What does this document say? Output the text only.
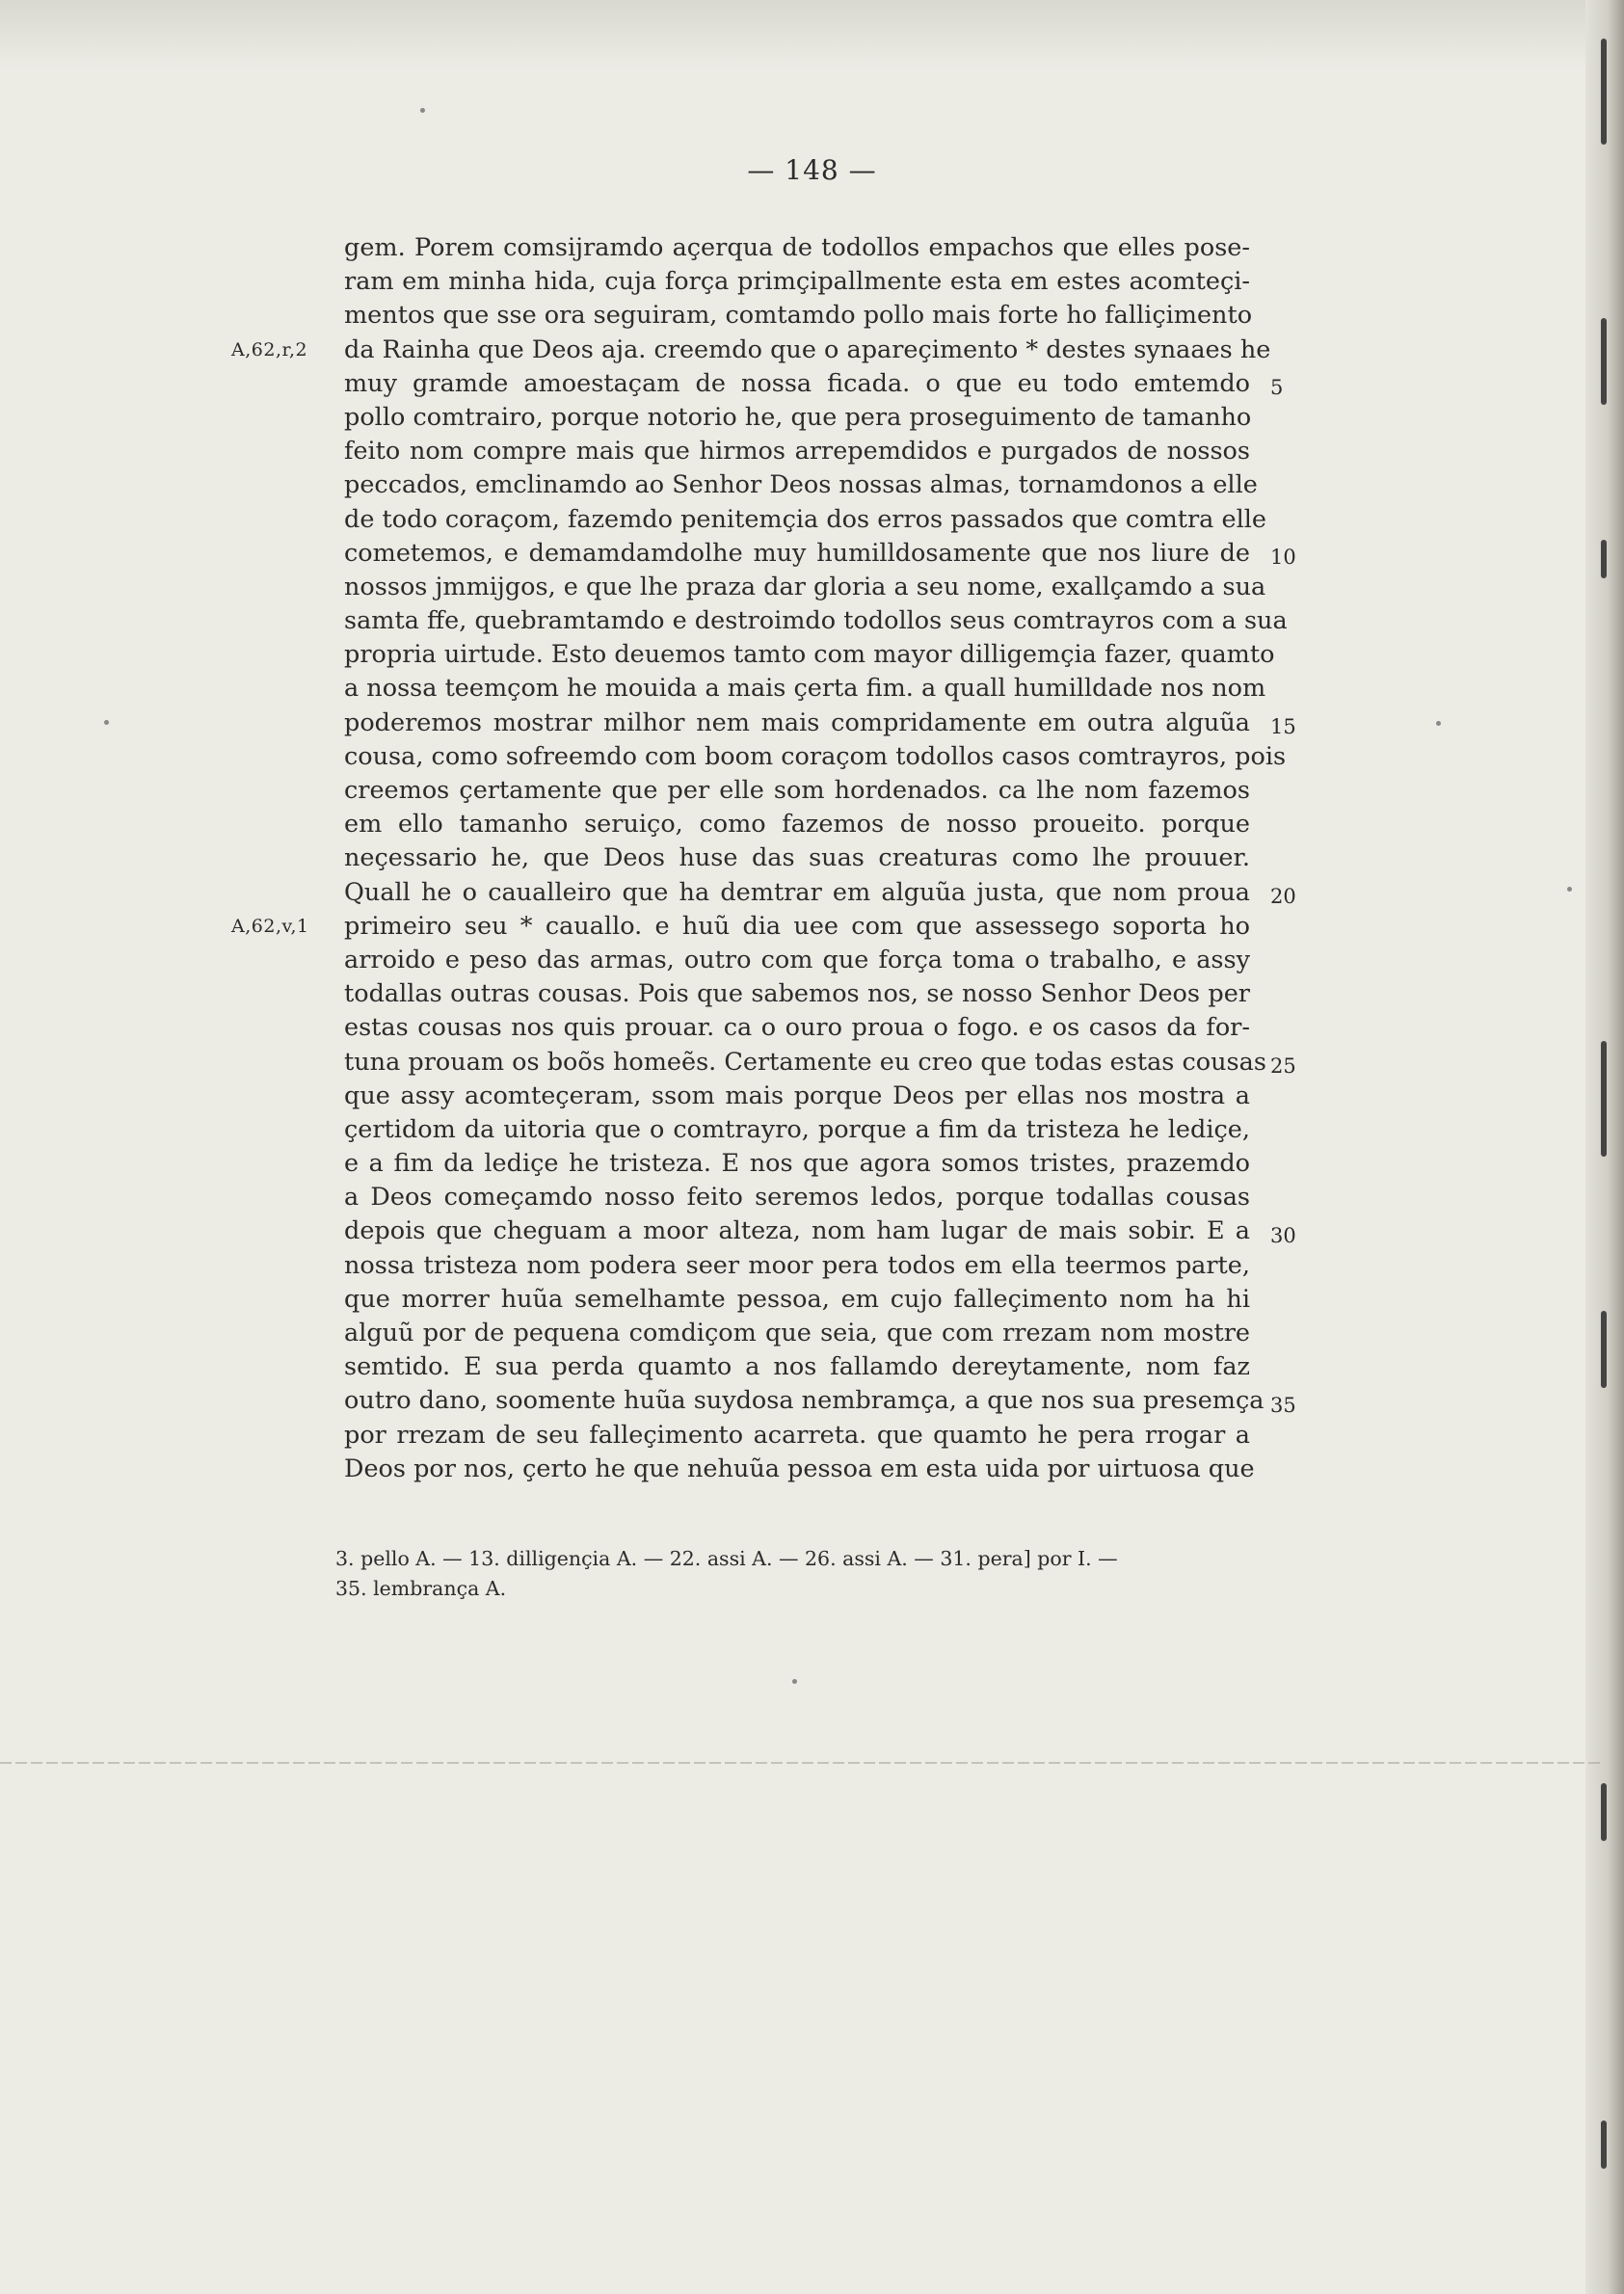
— 148 —
gem. Porem comsijramdo açerqua de todollos empachos que elles pose-
ram em minha hida, cuja força primçipallmente esta em estes acomteçi-
mentos que sse ora seguiram, comtamdo pollo mais forte ho falliçimento
da Rainha que Deos aja. creemdo que o apareçimento * destes synaaes he
muy gramde amoestaçam de nossa ficada. o que eu todo emtemdo
pollo comtrairo, porque notorio he, que pera proseguimento de tamanho
feito nom compre mais que hirmos arrepemdidos e purgados de nossos
peccados, emclinamdo ao Senhor Deos nossas almas, tornamdonos a elle
de todo coraçom, fazemdo penitemçia dos erros passados que comtra elle
cometemos, e demamdamdolhe muy humilldosamente que nos liure de
nossos jmmijgos, e que lhe praza dar gloria a seu nome, exallçamdo a sua
samta ffe, quebramtamdo e destroimdo todollos seus comtrayros com a sua
propria uirtude. Esto deuemos tamto com mayor dilligemçia fazer, quamto
a nossa teemçom he mouida a mais çerta fim. a quall humilldade nos nom
poderemos mostrar milhor nem mais compridamente em outra alguũa
cousa, como sofreemdo com boom coraçom todollos casos comtrayros, pois
creemos çertamente que per elle som hordenados. ca lhe nom fazemos
em ello tamanho seruiço, como fazemos de nosso proueito. porque
neçessario he, que Deos huse das suas creaturas como lhe prouuer.
Quall he o caualleiro que ha demtrar em alguũa justa, que nom proua
primeiro seu * cauallo. e huũ dia uee com que assessego soporta ho
arroido e peso das armas, outro com que força toma o trabalho, e assy
todallas outras cousas. Pois que sabemos nos, se nosso Senhor Deos per
estas cousas nos quis prouar. ca o ouro proua o fogo. e os casos da for-
tuna prouam os boõs homeẽs. Certamente eu creo que todas estas cousas
que assy acomteçeram, ssom mais porque Deos per ellas nos mostra a
çertidom da uitoria que o comtrayro, porque a fim da tristeza he lediçe,
e a fim da lediçe he tristeza. E nos que agora somos tristes, prazemdo
a Deos começamdo nosso feito seremos ledos, porque todallas cousas
depois que cheguam a moor alteza, nom ham lugar de mais sobir. E a
nossa tristeza nom podera seer moor pera todos em ella teermos parte,
que morrer huũa semelhamte pessoa, em cujo falleçimento nom ha hi
alguũ por de pequena comdiçom que seia, que com rrezam nom mostre
semtido. E sua perda quamto a nos fallamdo dereytamente, nom faz
outro dano, soomente huũa suydosa nembramça, a que nos sua presemça
por rrezam de seu falleçimento acarreta. que quamto he pera rrogar a
Deos por nos, çerto he que nehuũa pessoa em esta uida por uirtuosa que
A,62,r,2
A,62,v,1
5
10
15
20
25
30
35
3. pello A. — 13. dilligençia A. — 22. assi A. — 26. assi A. — 31. pera] por I. —
35. lembrança A.
